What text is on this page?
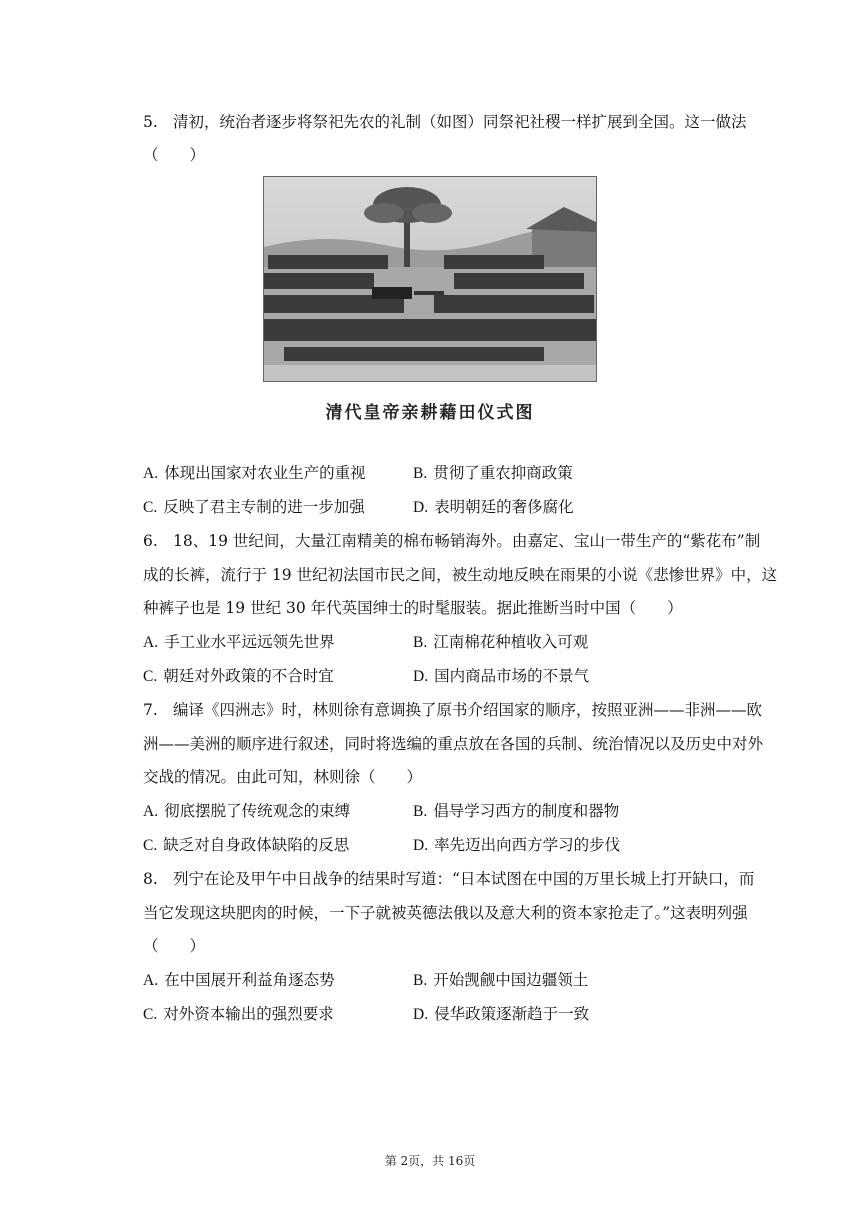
5. 清初，统治者逐步将祭祀先农的礼制（如图）同祭祀社稷一样扩展到全国。这一做法
（　　）
清代皇帝亲耕藉田仪式图
A. 体现出国家对农业生产的重视	B. 贯彻了重农抑商政策
C. 反映了君主专制的进一步加强	D. 表明朝廷的奢侈腐化
6. 18、19 世纪间，大量江南精美的棉布畅销海外。由嘉定、宝山一带生产的“紫花布”制
成的长裤，流行于 19 世纪初法国市民之间，被生动地反映在雨果的小说《悲惨世界》中，这
种裤子也是 19 世纪 30 年代英国绅士的时髦服装。据此推断当时中国（　　）
A. 手工业水平远远领先世界	B. 江南棉花种植收入可观
C. 朝廷对外政策的不合时宜	D. 国内商品市场的不景气
7. 编译《四洲志》时，林则徐有意调换了原书介绍国家的顺序，按照亚洲——非洲——欧
洲——美洲的顺序进行叙述，同时将选编的重点放在各国的兵制、统治情况以及历史中对外
交战的情况。由此可知，林则徐（　　）
A. 彻底摆脱了传统观念的束缚	B. 倡导学习西方的制度和器物
C. 缺乏对自身政体缺陷的反思	D. 率先迈出向西方学习的步伐
8. 列宁在论及甲午中日战争的结果时写道：“日本试图在中国的万里长城上打开缺口，而
当它发现这块肥肉的时候，一下子就被英德法俄以及意大利的资本家抢走了。”这表明列强
（　　）
A. 在中国展开利益角逐态势	B. 开始觊觎中国边疆领土
C. 对外资本输出的强烈要求	D. 侵华政策逐渐趋于一致
第 2页，共 16页
